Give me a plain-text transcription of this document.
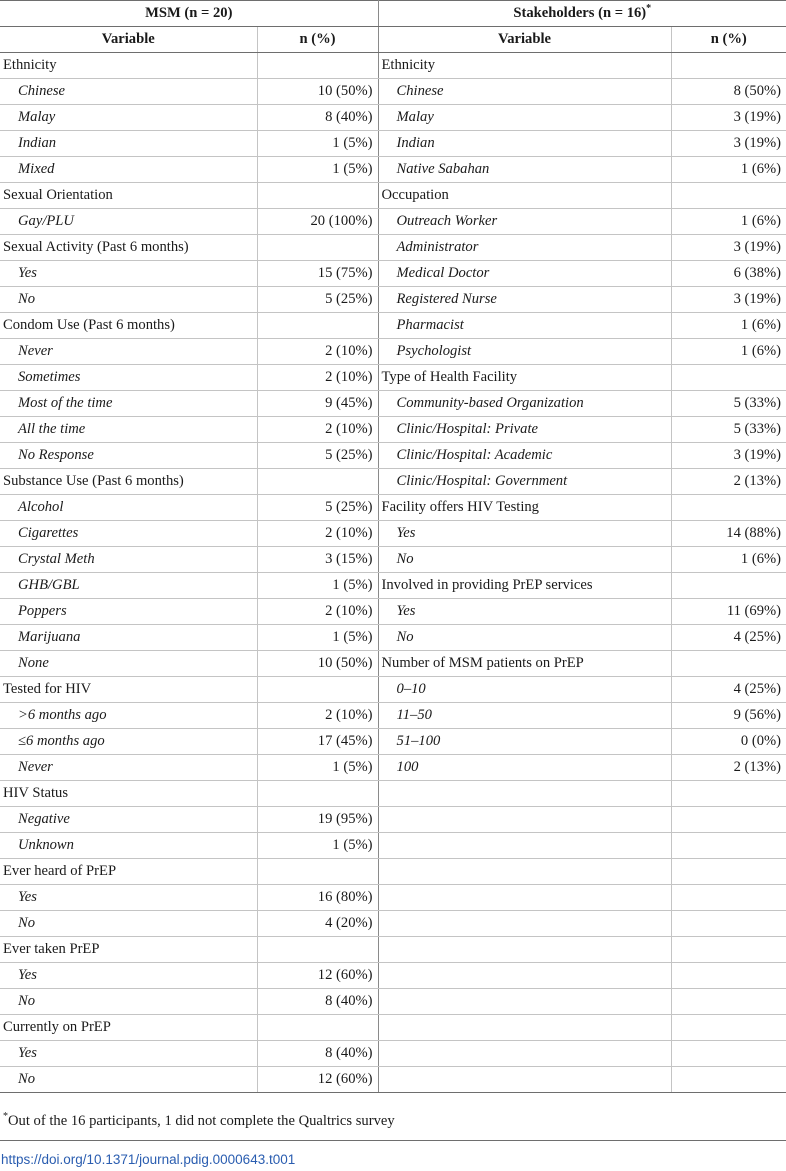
MSM (n = 20)		Stakeholders (n = 16)*
Variable	n (%)	Variable	n (%)
Ethnicity		Ethnicity	
Chinese	10 (50%)	Chinese	8 (50%)
Malay	8 (40%)	Malay	3 (19%)
Indian	1 (5%)	Indian	3 (19%)
Mixed	1 (5%)	Native Sabahan	1 (6%)
Sexual Orientation		Occupation	
Gay/PLU	20 (100%)	Outreach Worker	1 (6%)
Sexual Activity (Past 6 months)		Administrator	3 (19%)
Yes	15 (75%)	Medical Doctor	6 (38%)
No	5 (25%)	Registered Nurse	3 (19%)
Condom Use (Past 6 months)		Pharmacist	1 (6%)
Never	2 (10%)	Psychologist	1 (6%)
Sometimes	2 (10%)	Type of Health Facility	
Most of the time	9 (45%)	Community-based Organization	5 (33%)
All the time	2 (10%)	Clinic/Hospital: Private	5 (33%)
No Response	5 (25%)	Clinic/Hospital: Academic	3 (19%)
Substance Use (Past 6 months)		Clinic/Hospital: Government	2 (13%)
Alcohol	5 (25%)	Facility offers HIV Testing	
Cigarettes	2 (10%)	Yes	14 (88%)
Crystal Meth	3 (15%)	No	1 (6%)
GHB/GBL	1 (5%)	Involved in providing PrEP services	
Poppers	2 (10%)	Yes	11 (69%)
Marijuana	1 (5%)	No	4 (25%)
None	10 (50%)	Number of MSM patients on PrEP	
Tested for HIV		0–10	4 (25%)
>6 months ago	2 (10%)	11–50	9 (56%)
≤6 months ago	17 (45%)	51–100	0 (0%)
Never	1 (5%)	100	2 (13%)
HIV Status			
Negative	19 (95%)		
Unknown	1 (5%)		
Ever heard of PrEP			
Yes	16 (80%)		
No	4 (20%)		
Ever taken PrEP			
Yes	12 (60%)		
No	8 (40%)		
Currently on PrEP			
Yes	8 (40%)		
No	12 (60%)		
*Out of the 16 participants, 1 did not complete the Qualtrics survey
https://doi.org/10.1371/journal.pdig.0000643.t001
